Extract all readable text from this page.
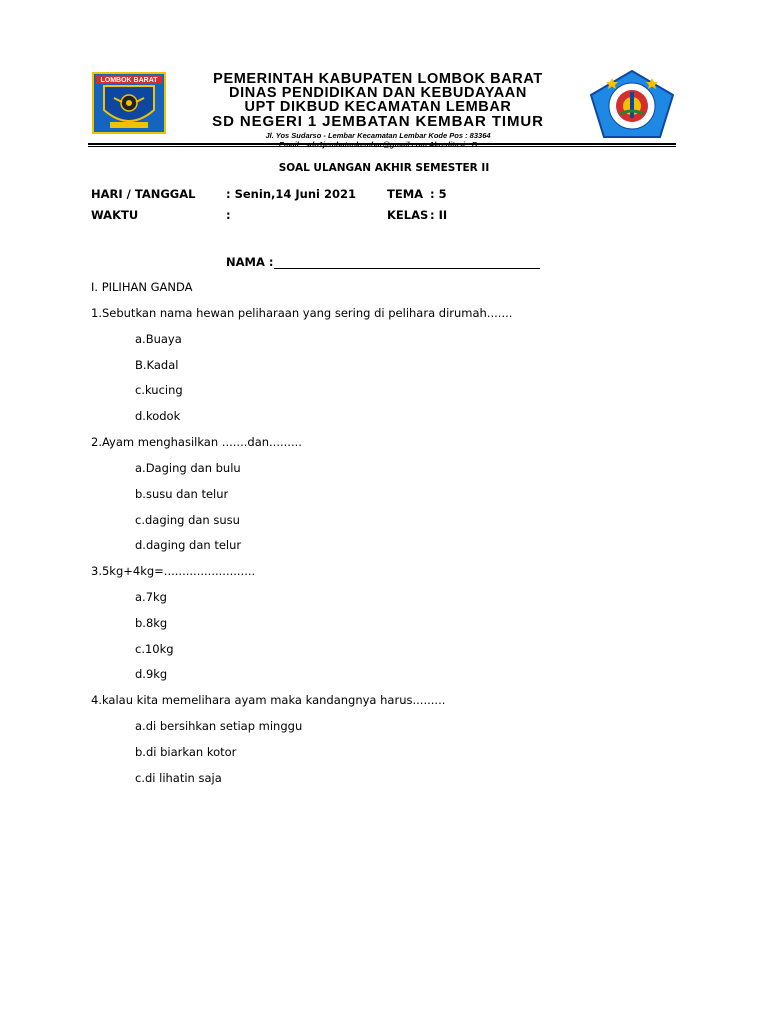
LOMBOK BARAT	PEMERINTAH KABUPATEN LOMBOK BARAT
DINAS PENDIDIKAN DAN KEBUDAYAAN
UPT DIKBUD KECAMATAN LEMBAR
SD NEGERI 1 JEMBATAN KEMBAR TIMUR
Jl. Yos Sudarso - Lembar Kecamatan Lembar Kode Pos : 83364
Email : sdn1jembatankembar@gmail.com Akreditasi : B
SOAL ULANGAN AKHIR SEMESTER II
HARI / TANGGAL	: Senin,14 Juni 2021	TEMA : 5
WAKTU	:	KELAS : II
NAMA :
I. PILIHAN GANDA
1.Sebutkan nama hewan peliharaan yang sering di pelihara dirumah.......
a.Buaya
B.Kadal
c.kucing
d.kodok
2.Ayam menghasilkan .......dan.........
a.Daging dan bulu
b.susu dan telur
c.daging dan susu
d.daging dan telur
3.5kg+4kg=.........................
a.7kg
b.8kg
c.10kg
d.9kg
4.kalau kita memelihara ayam maka kandangnya harus.........
a.di bersihkan setiap minggu
b.di biarkan kotor
c.di lihatin saja
